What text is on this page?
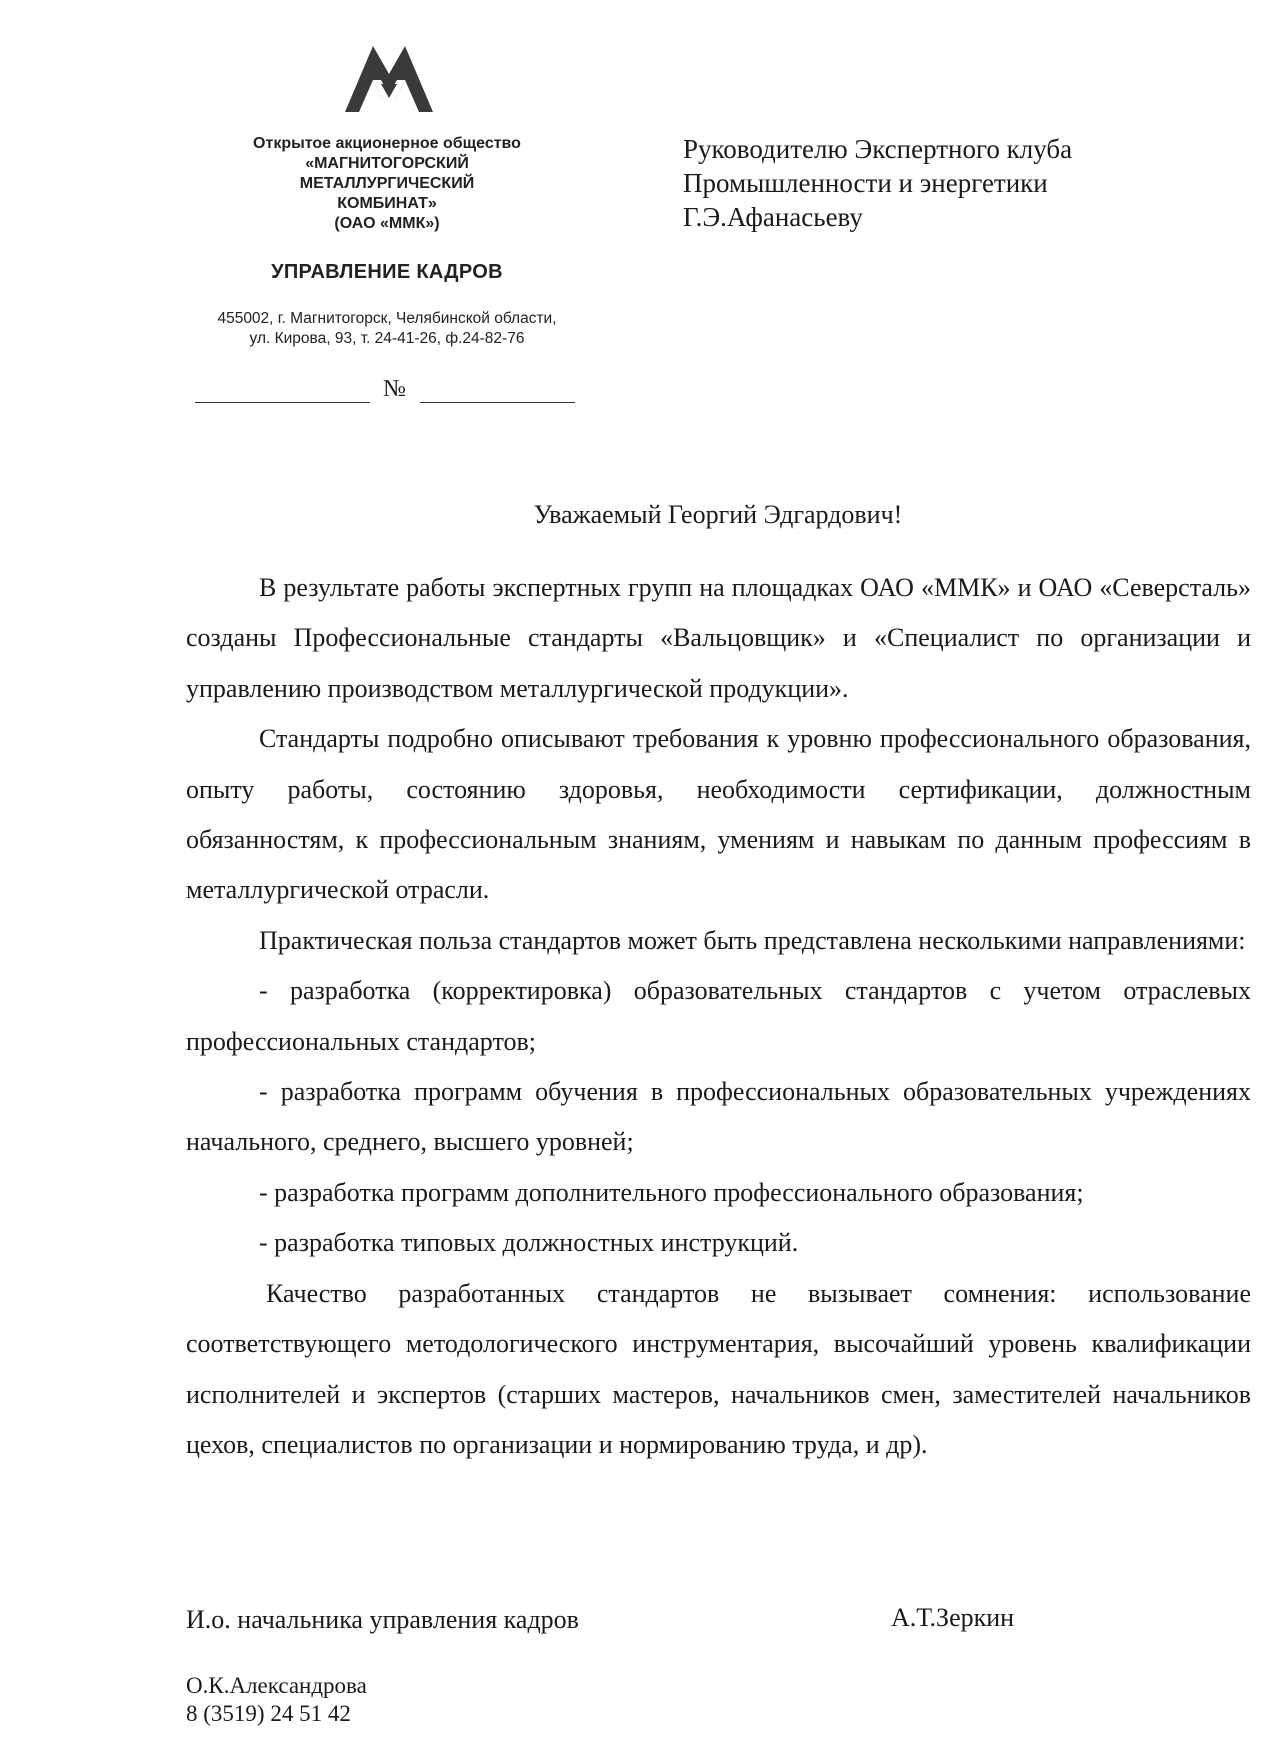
Открытое акционерное общество
«МАГНИТОГОРСКИЙ
МЕТАЛЛУРГИЧЕСКИЙ
КОМБИНАТ»
(ОАО «ММК»)
УПРАВЛЕНИЕ КАДРОВ
455002, г. Магнитогорск, Челябинской области,
ул. Кирова, 93, т. 24-41-26, ф.24-82-76
№
Руководителю Экспертного клуба
Промышленности и энергетики
Г.Э.Афанасьеву
Уважаемый Георгий Эдгардович!

В результате работы экспертных групп на площадках ОАО «ММК» и ОАО «Северсталь» созданы Профессиональные стандарты «Вальцовщик» и «Специалист по организации и управлению производством металлургической продукции».

Стандарты подробно описывают требования к уровню профессионального образования, опыту работы, состоянию здоровья, необходимости сертификации, должностным обязанностям, к профессиональным знаниям, умениям и навыкам по данным профессиям в металлургической отрасли.

Практическая польза стандартов может быть представлена несколькими направлениями:

- разработка (корректировка) образовательных стандартов с учетом отраслевых профессиональных стандартов;

- разработка программ обучения в профессиональных образовательных учреждениях начального, среднего, высшего уровней;

- разработка программ дополнительного профессионального образования;

- разработка типовых должностных инструкций.

Качество разработанных стандартов не вызывает сомнения: использование соответствующего методологического инструментария, высочайший уровень квалификации исполнителей и экспертов (старших мастеров, начальников смен, заместителей начальников цехов, специалистов по организации и нормированию труда, и др).

И.о. начальника управления кадров	А.Т.Зеркин
О.К.Александрова
8 (3519) 24 51 42
